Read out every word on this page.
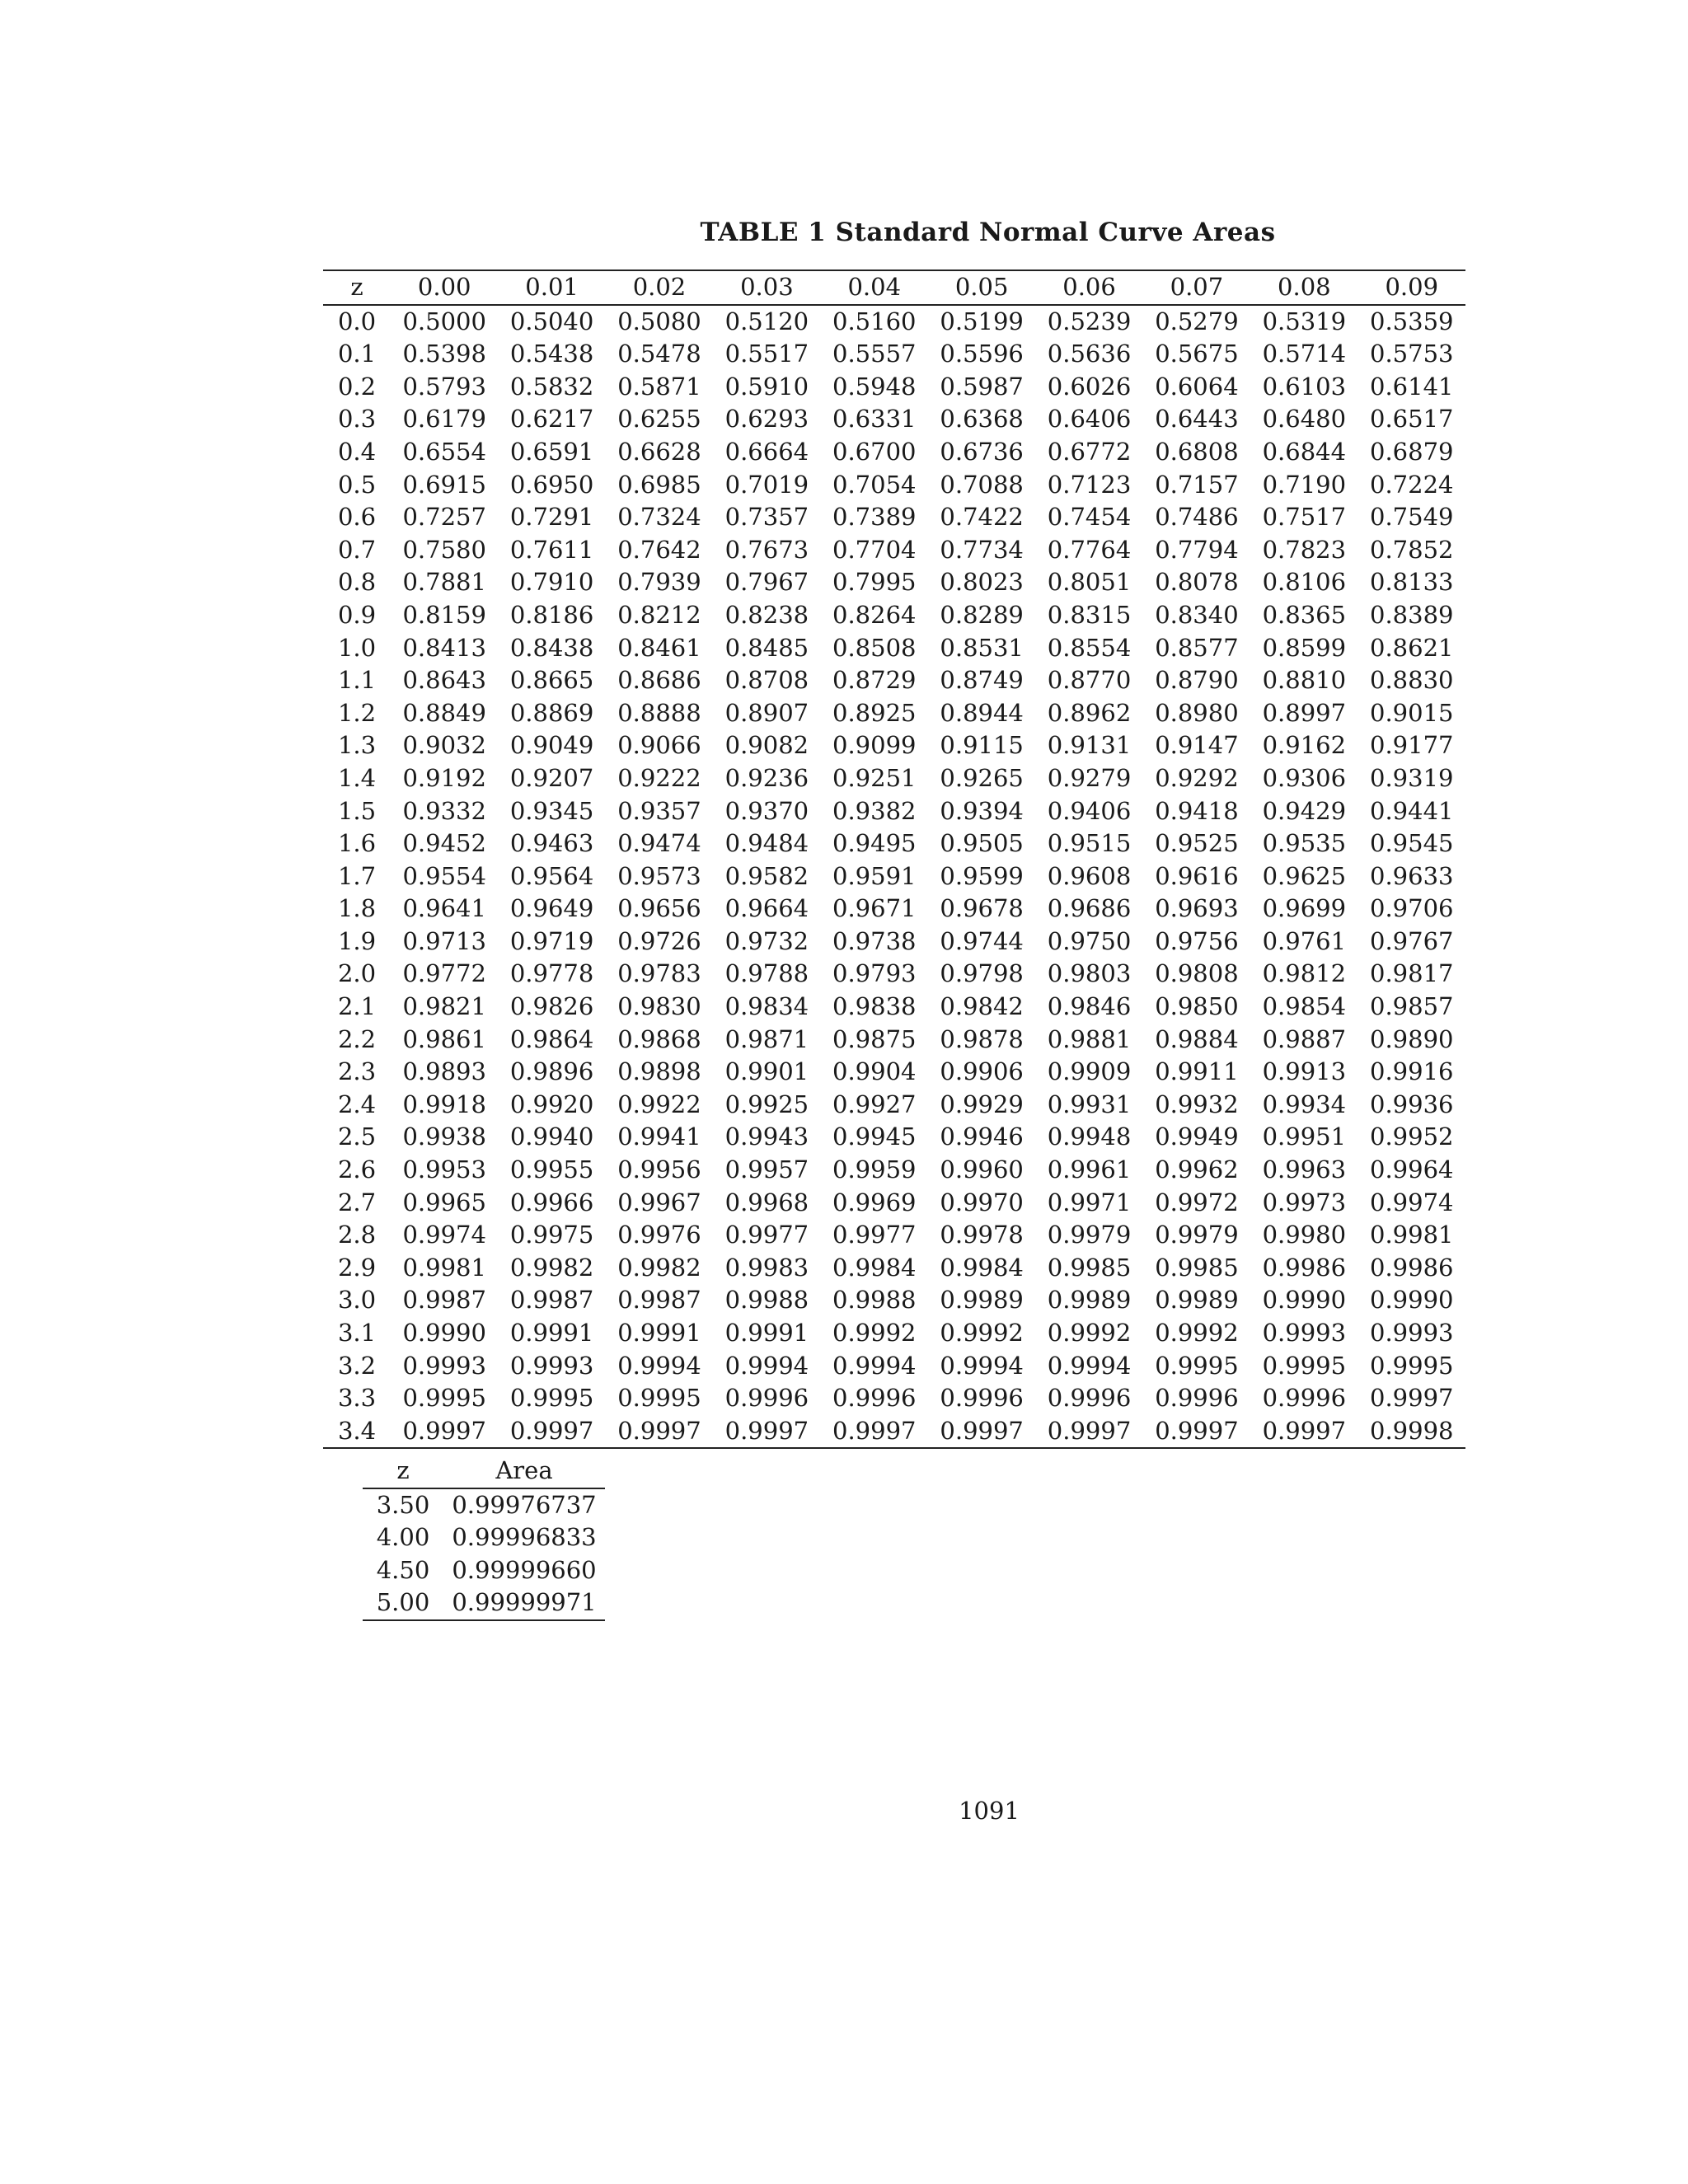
TABLE 1 Standard Normal Curve Areas
z	0.00	0.01	0.02	0.03	0.04	0.05	0.06	0.07	0.08	0.09
0.0	0.5000	0.5040	0.5080	0.5120	0.5160	0.5199	0.5239	0.5279	0.5319	0.5359
0.1	0.5398	0.5438	0.5478	0.5517	0.5557	0.5596	0.5636	0.5675	0.5714	0.5753
0.2	0.5793	0.5832	0.5871	0.5910	0.5948	0.5987	0.6026	0.6064	0.6103	0.6141
0.3	0.6179	0.6217	0.6255	0.6293	0.6331	0.6368	0.6406	0.6443	0.6480	0.6517
0.4	0.6554	0.6591	0.6628	0.6664	0.6700	0.6736	0.6772	0.6808	0.6844	0.6879
0.5	0.6915	0.6950	0.6985	0.7019	0.7054	0.7088	0.7123	0.7157	0.7190	0.7224
0.6	0.7257	0.7291	0.7324	0.7357	0.7389	0.7422	0.7454	0.7486	0.7517	0.7549
0.7	0.7580	0.7611	0.7642	0.7673	0.7704	0.7734	0.7764	0.7794	0.7823	0.7852
0.8	0.7881	0.7910	0.7939	0.7967	0.7995	0.8023	0.8051	0.8078	0.8106	0.8133
0.9	0.8159	0.8186	0.8212	0.8238	0.8264	0.8289	0.8315	0.8340	0.8365	0.8389
1.0	0.8413	0.8438	0.8461	0.8485	0.8508	0.8531	0.8554	0.8577	0.8599	0.8621
1.1	0.8643	0.8665	0.8686	0.8708	0.8729	0.8749	0.8770	0.8790	0.8810	0.8830
1.2	0.8849	0.8869	0.8888	0.8907	0.8925	0.8944	0.8962	0.8980	0.8997	0.9015
1.3	0.9032	0.9049	0.9066	0.9082	0.9099	0.9115	0.9131	0.9147	0.9162	0.9177
1.4	0.9192	0.9207	0.9222	0.9236	0.9251	0.9265	0.9279	0.9292	0.9306	0.9319
1.5	0.9332	0.9345	0.9357	0.9370	0.9382	0.9394	0.9406	0.9418	0.9429	0.9441
1.6	0.9452	0.9463	0.9474	0.9484	0.9495	0.9505	0.9515	0.9525	0.9535	0.9545
1.7	0.9554	0.9564	0.9573	0.9582	0.9591	0.9599	0.9608	0.9616	0.9625	0.9633
1.8	0.9641	0.9649	0.9656	0.9664	0.9671	0.9678	0.9686	0.9693	0.9699	0.9706
1.9	0.9713	0.9719	0.9726	0.9732	0.9738	0.9744	0.9750	0.9756	0.9761	0.9767
2.0	0.9772	0.9778	0.9783	0.9788	0.9793	0.9798	0.9803	0.9808	0.9812	0.9817
2.1	0.9821	0.9826	0.9830	0.9834	0.9838	0.9842	0.9846	0.9850	0.9854	0.9857
2.2	0.9861	0.9864	0.9868	0.9871	0.9875	0.9878	0.9881	0.9884	0.9887	0.9890
2.3	0.9893	0.9896	0.9898	0.9901	0.9904	0.9906	0.9909	0.9911	0.9913	0.9916
2.4	0.9918	0.9920	0.9922	0.9925	0.9927	0.9929	0.9931	0.9932	0.9934	0.9936
2.5	0.9938	0.9940	0.9941	0.9943	0.9945	0.9946	0.9948	0.9949	0.9951	0.9952
2.6	0.9953	0.9955	0.9956	0.9957	0.9959	0.9960	0.9961	0.9962	0.9963	0.9964
2.7	0.9965	0.9966	0.9967	0.9968	0.9969	0.9970	0.9971	0.9972	0.9973	0.9974
2.8	0.9974	0.9975	0.9976	0.9977	0.9977	0.9978	0.9979	0.9979	0.9980	0.9981
2.9	0.9981	0.9982	0.9982	0.9983	0.9984	0.9984	0.9985	0.9985	0.9986	0.9986
3.0	0.9987	0.9987	0.9987	0.9988	0.9988	0.9989	0.9989	0.9989	0.9990	0.9990
3.1	0.9990	0.9991	0.9991	0.9991	0.9992	0.9992	0.9992	0.9992	0.9993	0.9993
3.2	0.9993	0.9993	0.9994	0.9994	0.9994	0.9994	0.9994	0.9995	0.9995	0.9995
3.3	0.9995	0.9995	0.9995	0.9996	0.9996	0.9996	0.9996	0.9996	0.9996	0.9997
3.4	0.9997	0.9997	0.9997	0.9997	0.9997	0.9997	0.9997	0.9997	0.9997	0.9998
z	Area
3.50	0.99976737
4.00	0.99996833
4.50	0.99999660
5.00	0.99999971

1091
